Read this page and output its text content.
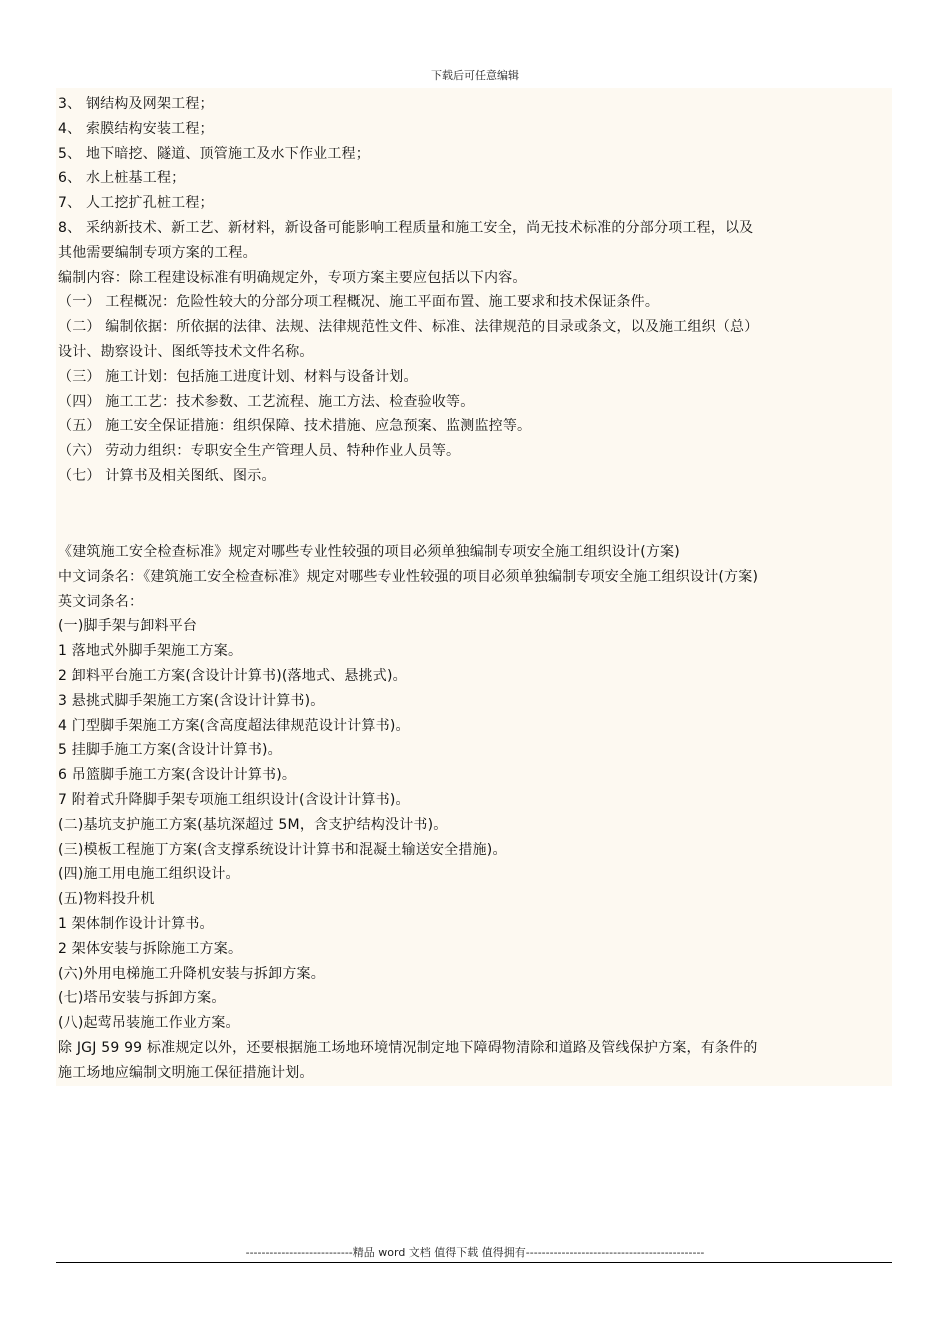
下载后可任意编辑
3、 钢结构及网架工程；
4、 索膜结构安装工程；
5、 地下暗挖、隧道、顶管施工及水下作业工程；
6、 水上桩基工程；
7、 人工挖扩孔桩工程；
8、 采纳新技术、新工艺、新材料，新设备可能影响工程质量和施工安全，尚无技术标准的分部分项工程，以及
其他需要编制专项方案的工程。
编制内容：除工程建设标准有明确规定外，专项方案主要应包括以下内容。
（一） 工程概况：危险性较大的分部分项工程概况、施工平面布置、施工要求和技术保证条件。
（二） 编制依据：所依据的法律、法规、法律规范性文件、标准、法律规范的目录或条文，以及施工组织（总）
设计、勘察设计、图纸等技术文件名称。
（三） 施工计划：包括施工进度计划、材料与设备计划。
（四） 施工工艺：技术参数、工艺流程、施工方法、检查验收等。
（五） 施工安全保证措施：组织保障、技术措施、应急预案、监测监控等。
（六） 劳动力组织：专职安全生产管理人员、特种作业人员等。
（七） 计算书及相关图纸、图示。
《建筑施工安全检查标准》规定对哪些专业性较强的项目必须单独编制专项安全施工组织设计(方案)
中文词条名：《建筑施工安全检查标准》规定对哪些专业性较强的项目必须单独编制专项安全施工组织设计(方案)
英文词条名：
(一)脚手架与卸料平台
1 落地式外脚手架施工方案。
2 卸料平台施工方案(含设计计算书)(落地式、悬挑式)。
3 悬挑式脚手架施工方案(含设计计算书)。
4 门型脚手架施工方案(含高度超法律规范设计计算书)。
5 挂脚手施工方案(含设计计算书)。
6 吊篮脚手施工方案(含设计计算书)。
7 附着式升降脚手架专项施工组织设计(含设计计算书)。
(二)基坑支护施工方案(基坑深超过 5M，含支护结构没计书)。
(三)模板工程施丁方案(含支撑系统设计计算书和混凝土输送安全措施)。
(四)施工用电施工组织设计。
(五)物料投升机
1 架体制作设计计算书。
2 架体安装与拆除施工方案。
(六)外用电梯施工升降机安装与拆卸方案。
(七)塔吊安装与拆卸方案。
(八)起莺吊装施工作业方案。
除 JGJ 59 99 标准规定以外，还要根据施工场地环境情况制定地下障碍物清除和道路及管线保护方案，有条件的
施工场地应编制文明施工保征措施计划。
---------------------------精品 word 文档 值得下载 值得拥有---------------------------------------------
